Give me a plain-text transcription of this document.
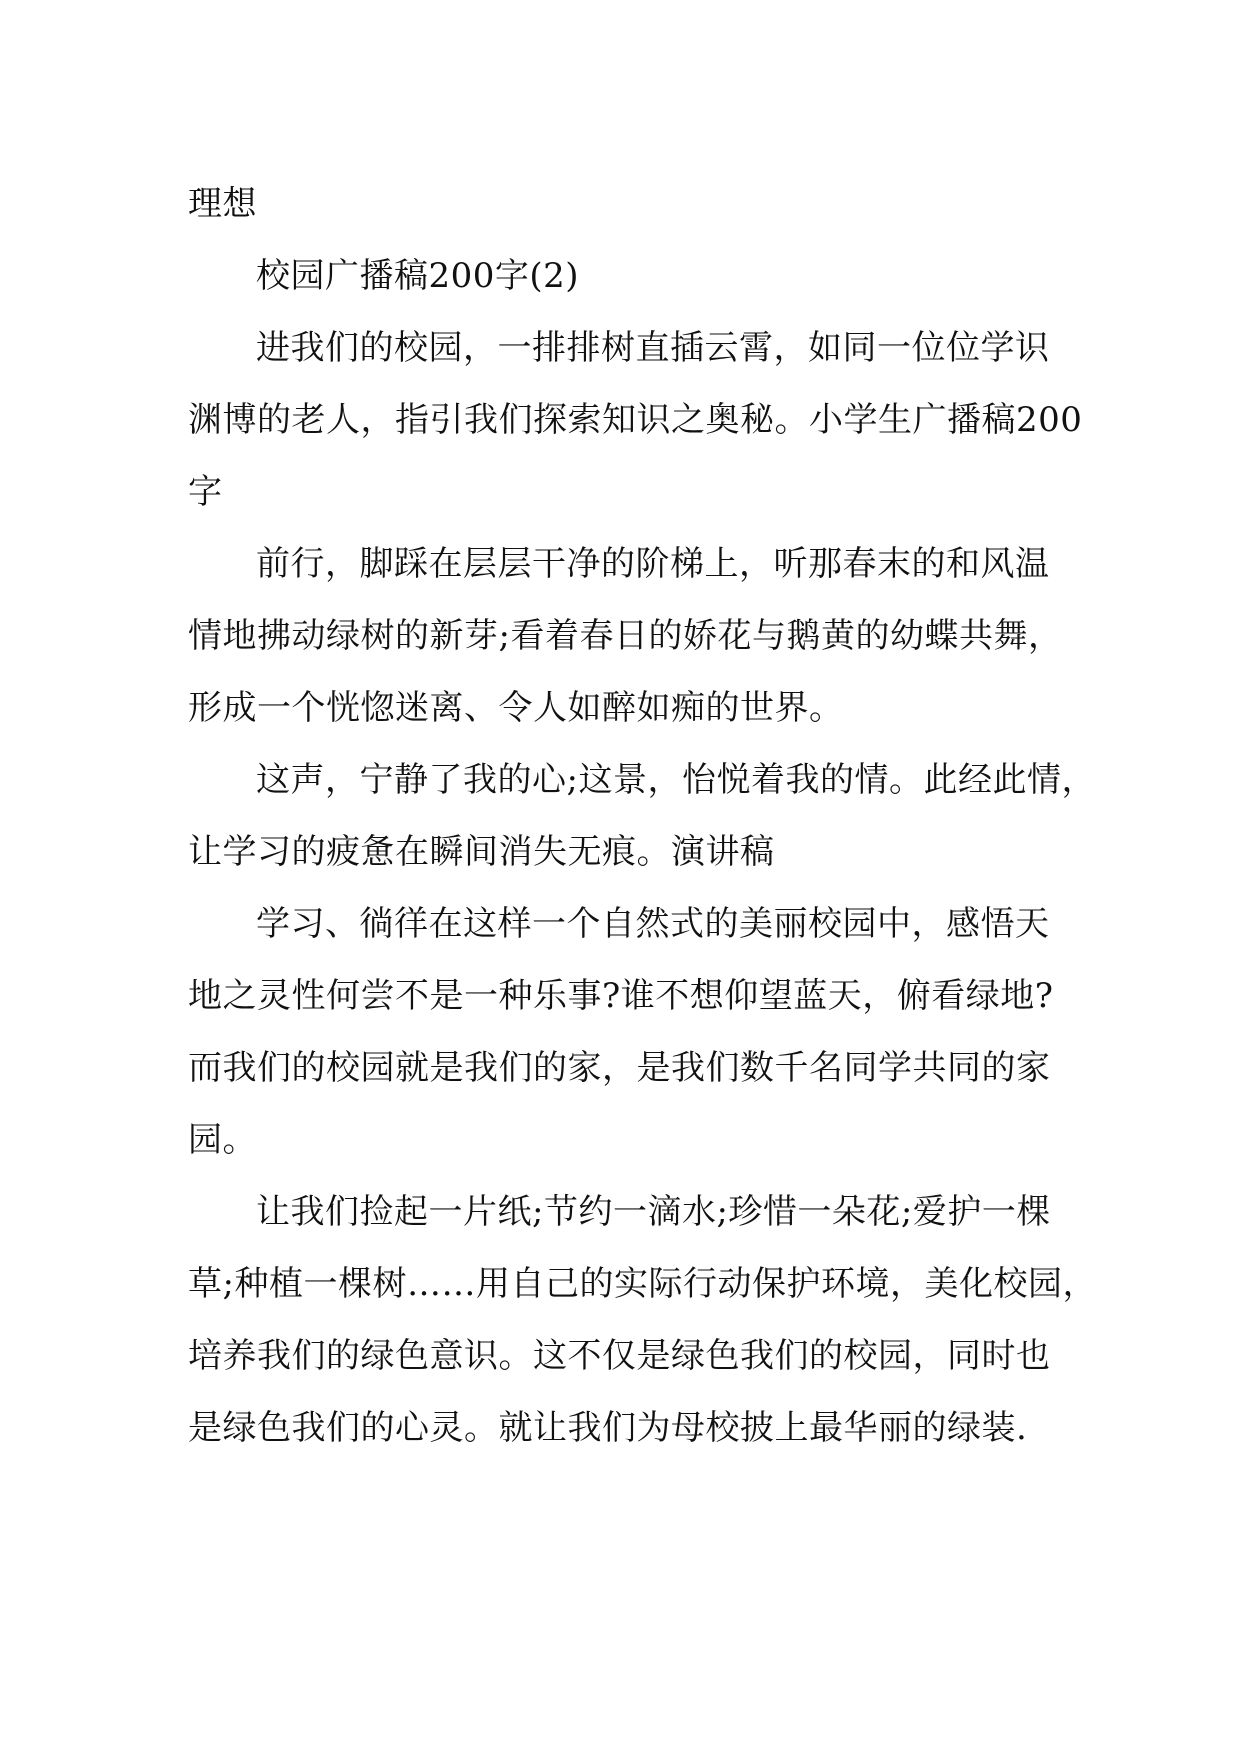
理想
校园广播稿200字(2)
进我们的校园，一排排树直插云霄，如同一位位学识
渊博的老人，指引我们探索知识之奥秘。小学生广播稿200
字
前行，脚踩在层层干净的阶梯上，听那春末的和风温
情地拂动绿树的新芽;看着春日的娇花与鹅黄的幼蝶共舞，
形成一个恍惚迷离、令人如醉如痴的世界。
这声，宁静了我的心;这景，怡悦着我的情。此经此情，
让学习的疲惫在瞬间消失无痕。演讲稿
学习、徜徉在这样一个自然式的美丽校园中，感悟天
地之灵性何尝不是一种乐事?谁不想仰望蓝天，俯看绿地?
而我们的校园就是我们的家，是我们数千名同学共同的家
园。
让我们捡起一片纸;节约一滴水;珍惜一朵花;爱护一棵
草;种植一棵树……用自己的实际行动保护环境，美化校园，
培养我们的绿色意识。这不仅是绿色我们的校园，同时也
是绿色我们的心灵。就让我们为母校披上最华丽的绿装.
